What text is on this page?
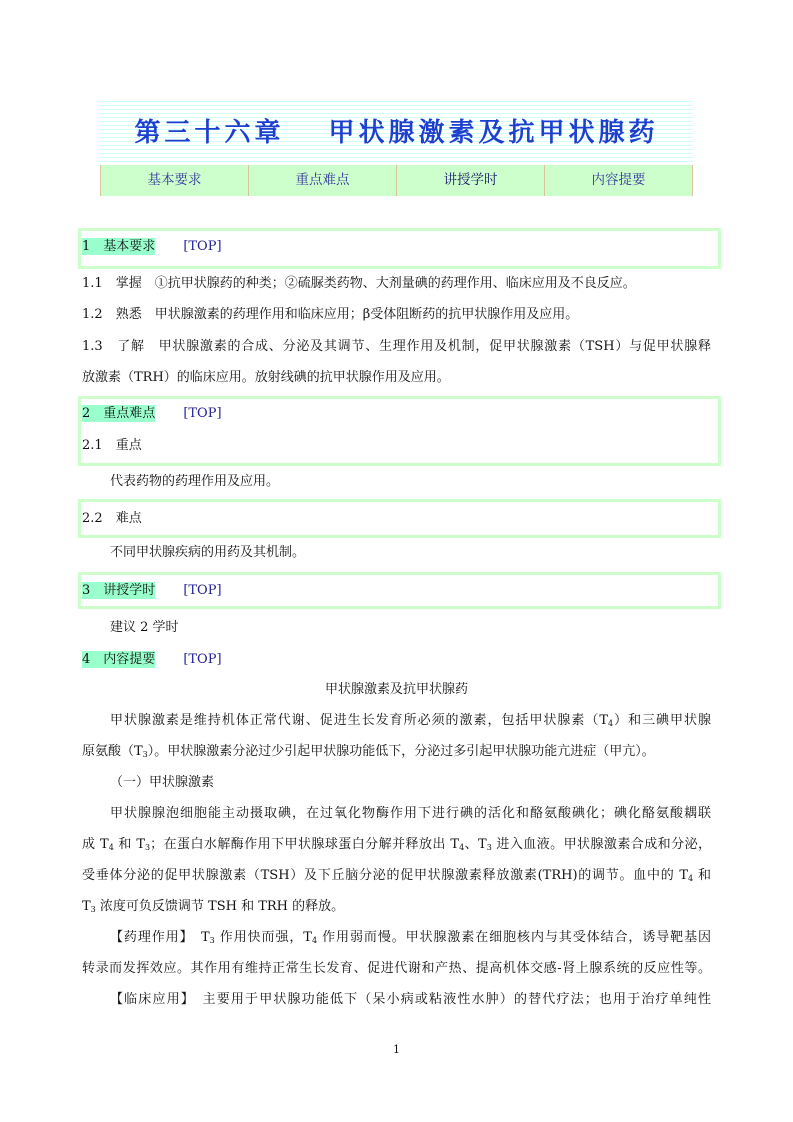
第三十六章 甲状腺激素及抗甲状腺药
基本要求	重点难点	讲授学时	内容提要
1　 基本要求 [TOP]
1.1　 掌握　 ①抗甲状腺药的种类；②硫脲类药物、大剂量碘的药理作用、临床应用及不良反应。
1.2　 熟悉　 甲状腺激素的药理作用和临床应用；β受体阻断药的抗甲状腺作用及应用。
1.3　 了解　 甲状腺激素的合成、分泌及其调节、生理作用及机制，促甲状腺激素（TSH）与促甲状腺释
放激素（TRH）的临床应用。放射线碘的抗甲状腺作用及应用。
2　 重点难点 [TOP]
2.1　 重点
代表药物的药理作用及应用。
2.2　 难点
不同甲状腺疾病的用药及其机制。
3　 讲授学时 [TOP]
建议 2 学时
4　 内容提要 [TOP]
甲状腺激素及抗甲状腺药
甲状腺激素是维持机体正常代谢、促进生长发育所必须的激素，包括甲状腺素$(T_4)$和三碘甲状腺
原氨酸$(T_3)$。甲状腺激素分泌过少引起甲状腺功能低下，分泌过多引起甲状腺功能亢进症（甲亢）。
（一）甲状腺激素
甲状腺腺泡细胞能主动摄取碘，在过氧化物酶作用下进行碘的活化和酪氨酸碘化；碘化酪氨酸耦联
成 $T_4$ 和 $T_3$；在蛋白水解酶作用下甲状腺球蛋白分解并释放出 $T_4$、$T_3$ 进入血液。甲状腺激素合成和分泌，
受垂体分泌的促甲状腺激素（TSH）及下丘脑分泌的促甲状腺激素释放激素(TRH)的调节。血中的 $T_4$ 和
$T_3$ 浓度可负反馈调节 TSH 和 TRH 的释放。
【药理作用】　$T_3$ 作用快而强，$T_4$ 作用弱而慢。甲状腺激素在细胞核内与其受体结合，诱导靶基因
转录而发挥效应。其作用有维持正常生长发育、促进代谢和产热、提高机体交感-肾上腺系统的反应性等。
【临床应用】　主要用于甲状腺功能低下（呆小病或粘液性水肿）的替代疗法；也用于治疗单纯性
1
